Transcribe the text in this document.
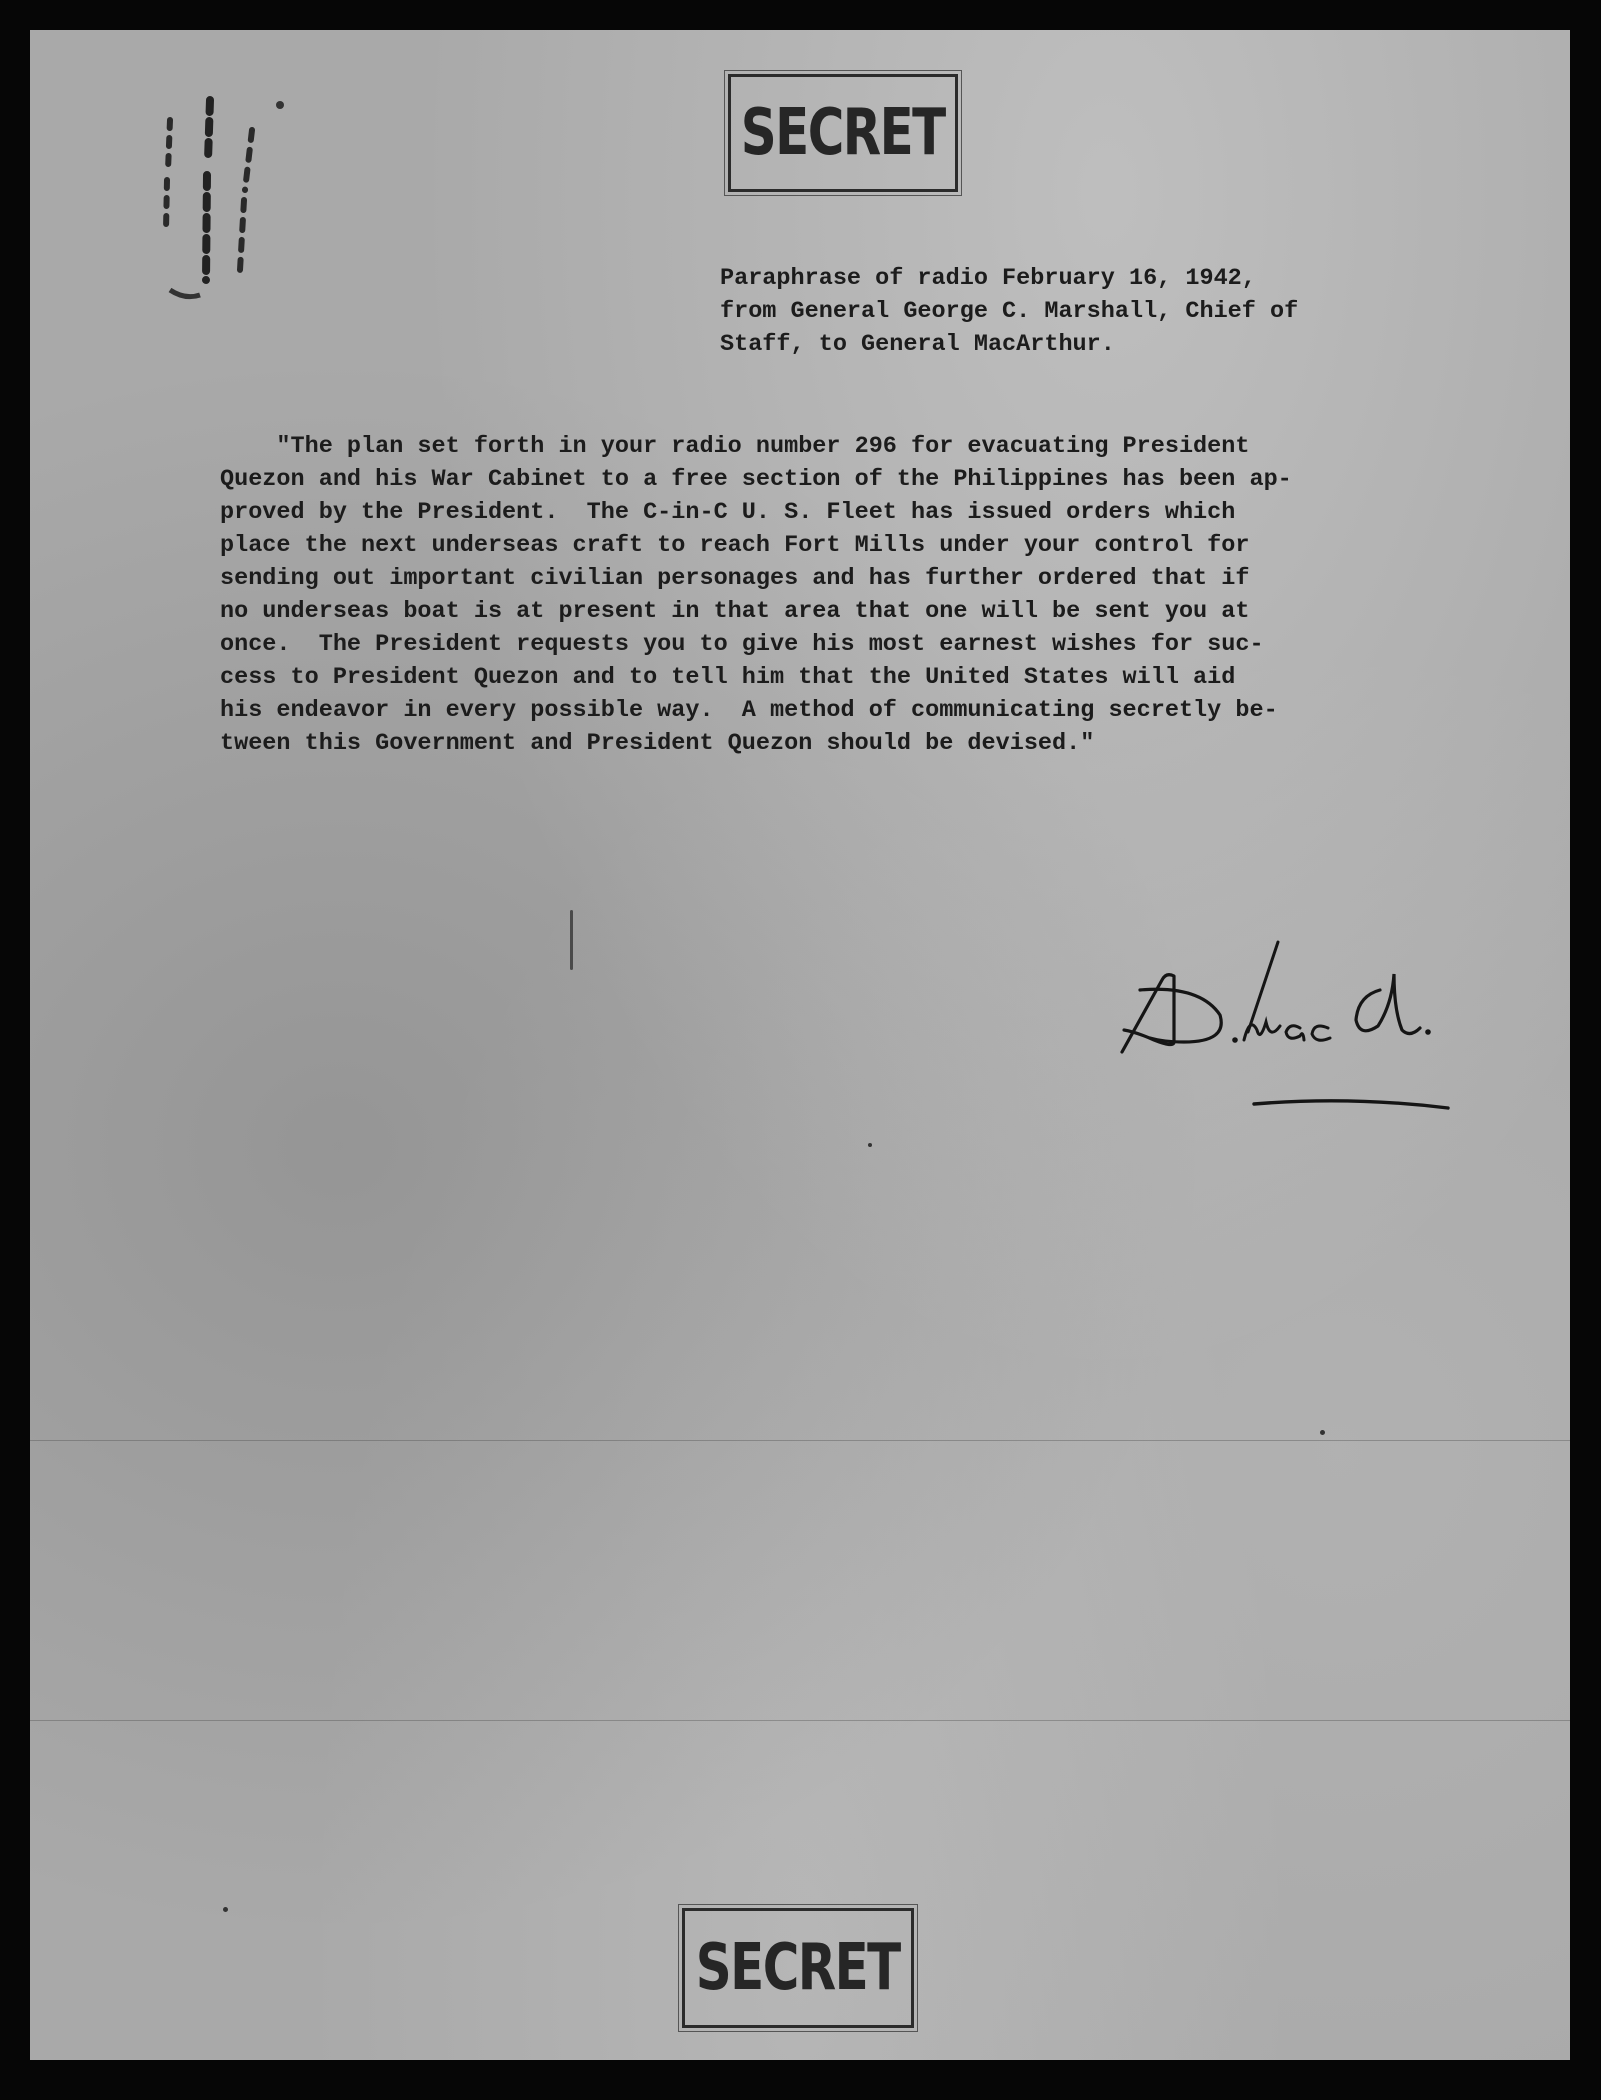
SECRET
Paraphrase of radio February 16, 1942,
from General George C. Marshall, Chief of
Staff, to General MacArthur.
"The plan set forth in your radio number 296 for evacuating President
Quezon and his War Cabinet to a free section of the Philippines has been ap-
proved by the President.  The C-in-C U. S. Fleet has issued orders which
place the next underseas craft to reach Fort Mills under your control for
sending out important civilian personages and has further ordered that if
no underseas boat is at present in that area that one will be sent you at
once.  The President requests you to give his most earnest wishes for suc-
cess to President Quezon and to tell him that the United States will aid
his endeavor in every possible way.  A method of communicating secretly be-
tween this Government and President Quezon should be devised."
SECRET
